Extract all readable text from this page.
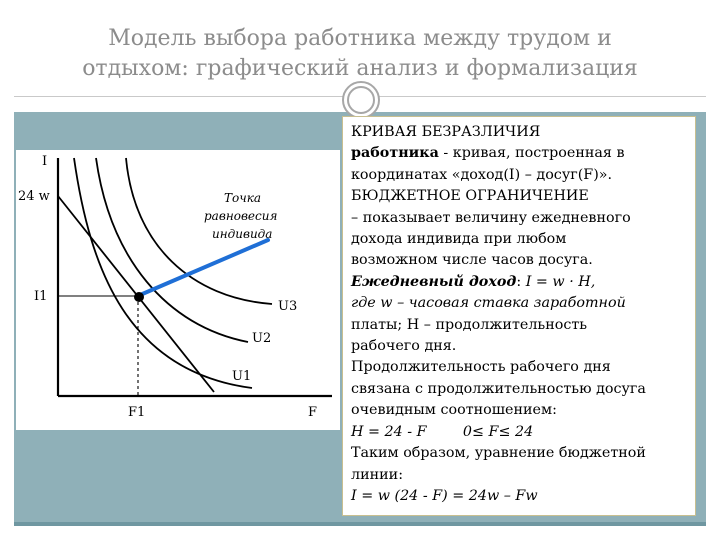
Модель выбора работника между трудом и
отдыхом: графический анализ и формализация
I
24 w
I1
F1	F
Точка
равновесия
индивида
U3
U2
U1
КРИВАЯ БЕЗРАЗЛИЧИЯ
работника - кривая, построенная в
координатах «доход(I) – досуг(F)».
БЮДЖЕТНОЕ ОГРАНИЧЕНИЕ
– показывает величину ежедневного
дохода индивида при любом
возможном числе часов досуга.
Ежедневный доход: I = w · H,
где w – часовая ставка заработной
платы; H – продолжительность
рабочего дня.
Продолжительность рабочего дня
связана с продолжительностью досуга
очевидным соотношением:
H = 24 - F        0≤ F≤ 24
Таким образом, уравнение бюджетной
линии:
I = w (24 - F) = 24w – Fw
